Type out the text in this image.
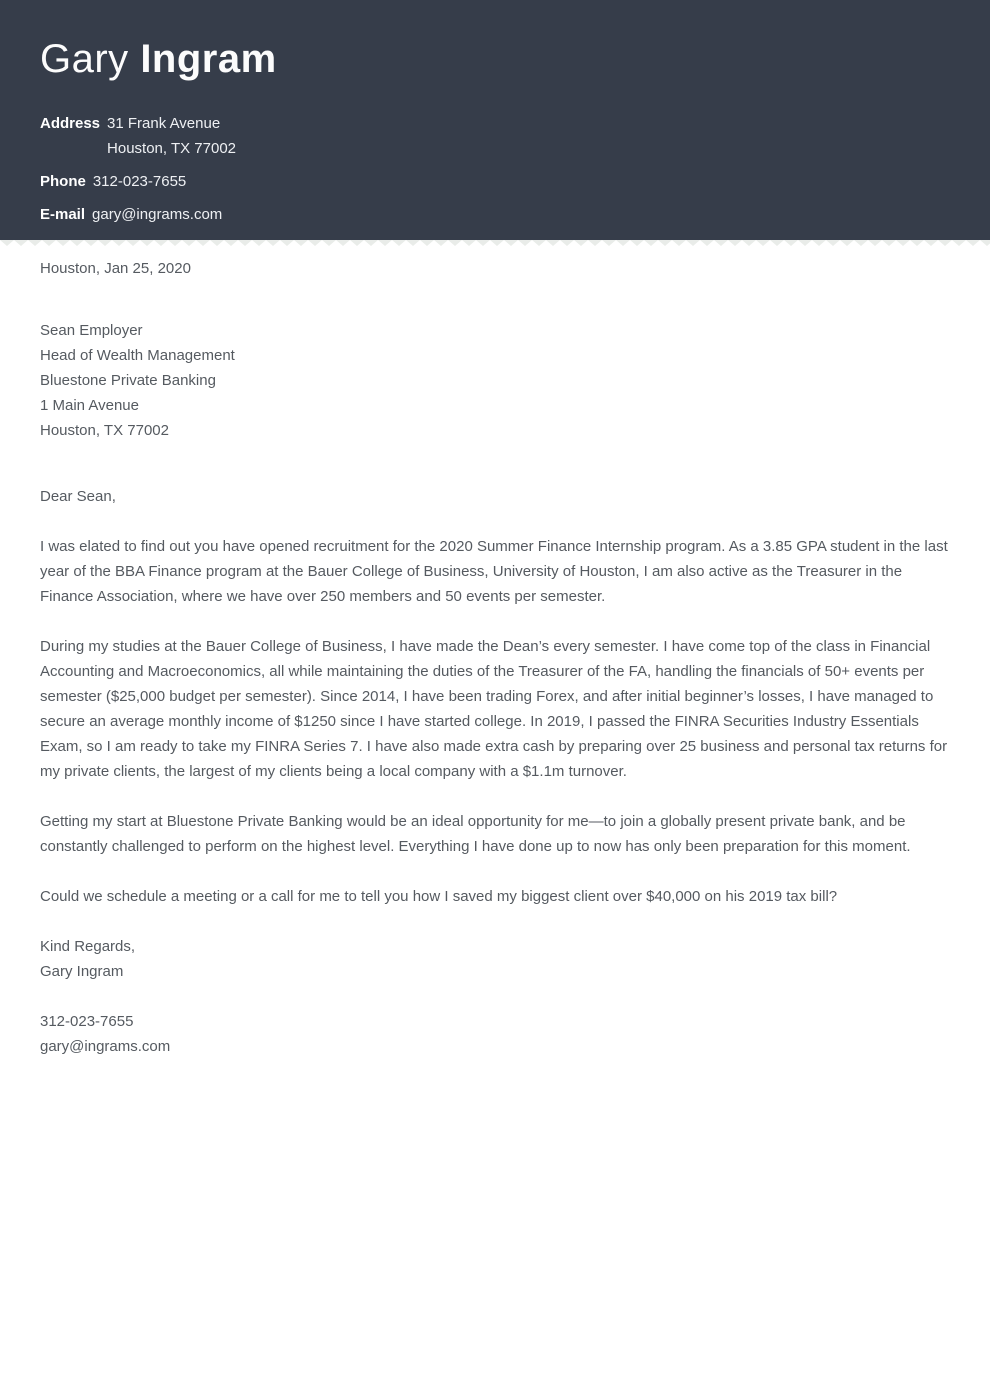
Gary Ingram
Address 31 Frank Avenue
Houston, TX 77002
Phone 312-023-7655
E-mail gary@ingrams.com

Houston, Jan 25, 2020

Sean Employer
Head of Wealth Management
Bluestone Private Banking
1 Main Avenue
Houston, TX 77002

Dear Sean,

I was elated to find out you have opened recruitment for the 2020 Summer Finance Internship program. As a 3.85 GPA student in the last year of the BBA Finance program at the Bauer College of Business, University of Houston, I am also active as the Treasurer in the Finance Association, where we have over 250 members and 50 events per semester.

During my studies at the Bauer College of Business, I have made the Dean’s every semester. I have come top of the class in Financial Accounting and Macroeconomics, all while maintaining the duties of the Treasurer of the FA, handling the financials of 50+ events per semester ($25,000 budget per semester). Since 2014, I have been trading Forex, and after initial beginner’s losses, I have managed to secure an average monthly income of $1250 since I have started college. In 2019, I passed the FINRA Securities Industry Essentials Exam, so I am ready to take my FINRA Series 7. I have also made extra cash by preparing over 25 business and personal tax returns for my private clients, the largest of my clients being a local company with a $1.1m turnover.

Getting my start at Bluestone Private Banking would be an ideal opportunity for me—to join a globally present private bank, and be constantly challenged to perform on the highest level. Everything I have done up to now has only been preparation for this moment.

Could we schedule a meeting or a call for me to tell you how I saved my biggest client over $40,000 on his 2019 tax bill?

Kind Regards,
Gary Ingram

312-023-7655
gary@ingrams.com
